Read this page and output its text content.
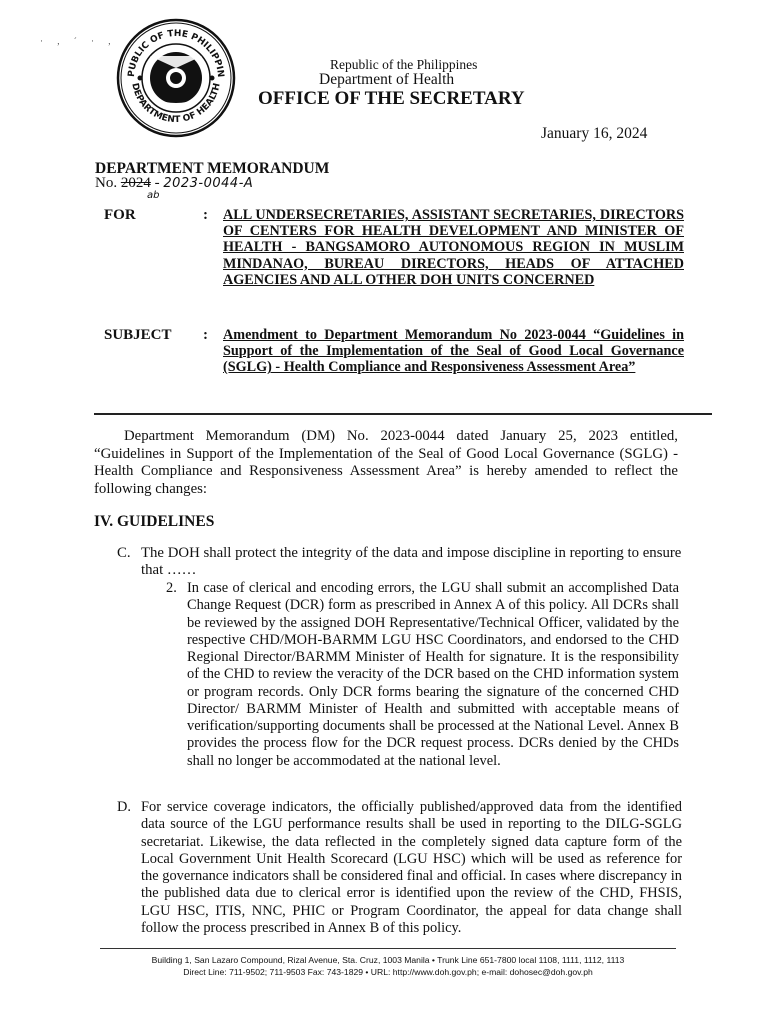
PUBLIC OF THE PHILIPPIN
DEPARTMENT OF HEALTH
· , ´ · ,
Republic of the Philippines
Department of Health
OFFICE OF THE SECRETARY
January 16, 2024
DEPARTMENT MEMORANDUM
No. 2024 - 2023-0044-A
ab
FOR	: ALL UNDERSECRETARIES, ASSISTANT SECRETARIES, DIRECTORS OF CENTERS FOR HEALTH DEVELOPMENT AND MINISTER OF HEALTH - BANGSAMORO AUTONOMOUS REGION IN MUSLIM MINDANAO, BUREAU DIRECTORS, HEADS OF ATTACHED AGENCIES AND ALL OTHER DOH UNITS CONCERNED
SUBJECT : Amendment to Department Memorandum No 2023-0044 “Guidelines in Support of the Implementation of the Seal of Good Local Governance (SGLG) - Health Compliance and Responsiveness Assessment Area”
Department Memorandum (DM) No. 2023-0044 dated January 25, 2023 entitled, “Guidelines in Support of the Implementation of the Seal of Good Local Governance (SGLG) - Health Compliance and Responsiveness Assessment Area” is hereby amended to reflect the following changes:
IV. GUIDELINES
C. The DOH shall protect the integrity of the data and impose discipline in reporting to ensure that ……
2. In case of clerical and encoding errors, the LGU shall submit an accomplished Data Change Request (DCR) form as prescribed in Annex A of this policy. All DCRs shall be reviewed by the assigned DOH Representative/Technical Officer, validated by the respective CHD/MOH-BARMM LGU HSC Coordinators, and endorsed to the CHD Regional Director/BARMM Minister of Health for signature. It is the responsibility of the CHD to review the veracity of the DCR based on the CHD information system or program records. Only DCR forms bearing the signature of the concerned CHD Director/ BARMM Minister of Health and submitted with acceptable means of verification/supporting documents shall be processed at the National Level. Annex B provides the process flow for the DCR request process. DCRs denied by the CHDs shall no longer be accommodated at the national level.
D. For service coverage indicators, the officially published/approved data from the identified data source of the LGU performance results shall be used in reporting to the DILG-SGLG secretariat. Likewise, the data reflected in the completely signed data capture form of the Local Government Unit Health Scorecard (LGU HSC) which will be used as reference for the governance indicators shall be considered final and official. In cases where discrepancy in the published data due to clerical error is identified upon the review of the CHD, FHSIS, LGU HSC, ITIS, NNC, PHIC or Program Coordinator, the appeal for data change shall follow the process prescribed in Annex B of this policy.
Building 1, San Lazaro Compound, Rizal Avenue, Sta. Cruz, 1003 Manila • Trunk Line 651-7800 local 1108, 1111, 1112, 1113
Direct Line: 711-9502; 711-9503 Fax: 743-1829 • URL: http://www.doh.gov.ph; e-mail: dohosec@doh.gov.ph
